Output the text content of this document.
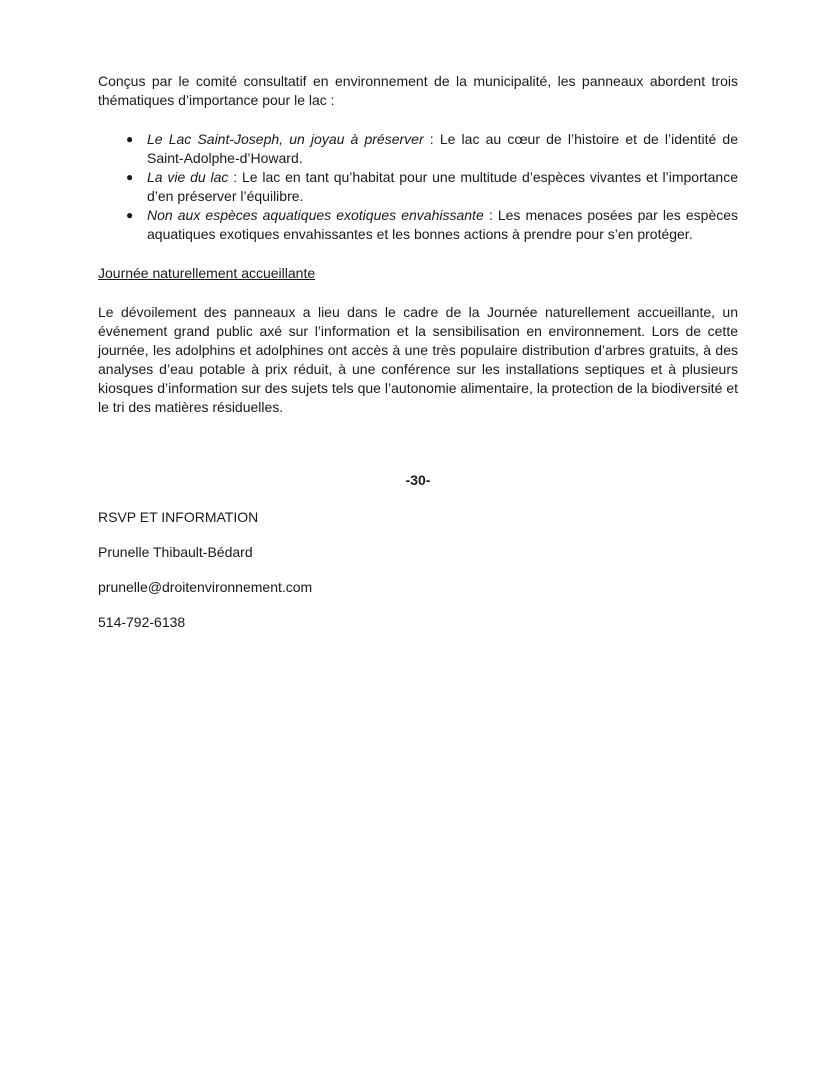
Conçus par le comité consultatif en environnement de la municipalité, les panneaux abordent trois thématiques d’importance pour le lac :

● Le Lac Saint-Joseph, un joyau à préserver : Le lac au cœur de l’histoire et de l’identité de Saint-Adolphe-d’Howard.
● La vie du lac : Le lac en tant qu’habitat pour une multitude d’espèces vivantes et l’importance d’en préserver l’équilibre.
● Non aux espèces aquatiques exotiques envahissante : Les menaces posées par les espèces aquatiques exotiques envahissantes et les bonnes actions à prendre pour s’en protéger.

Journée naturellement accueillante

Le dévoilement des panneaux a lieu dans le cadre de la Journée naturellement accueillante, un événement grand public axé sur l’information et la sensibilisation en environnement. Lors de cette journée, les adolphins et adolphines ont accès à une très populaire distribution d’arbres gratuits, à des analyses d’eau potable à prix réduit, à une conférence sur les installations septiques et à plusieurs kiosques d’information sur des sujets tels que l’autonomie alimentaire, la protection de la biodiversité et le tri des matières résiduelles.

-30-

RSVP ET INFORMATION

Prunelle Thibault-Bédard

prunelle@droitenvironnement.com

514-792-6138
